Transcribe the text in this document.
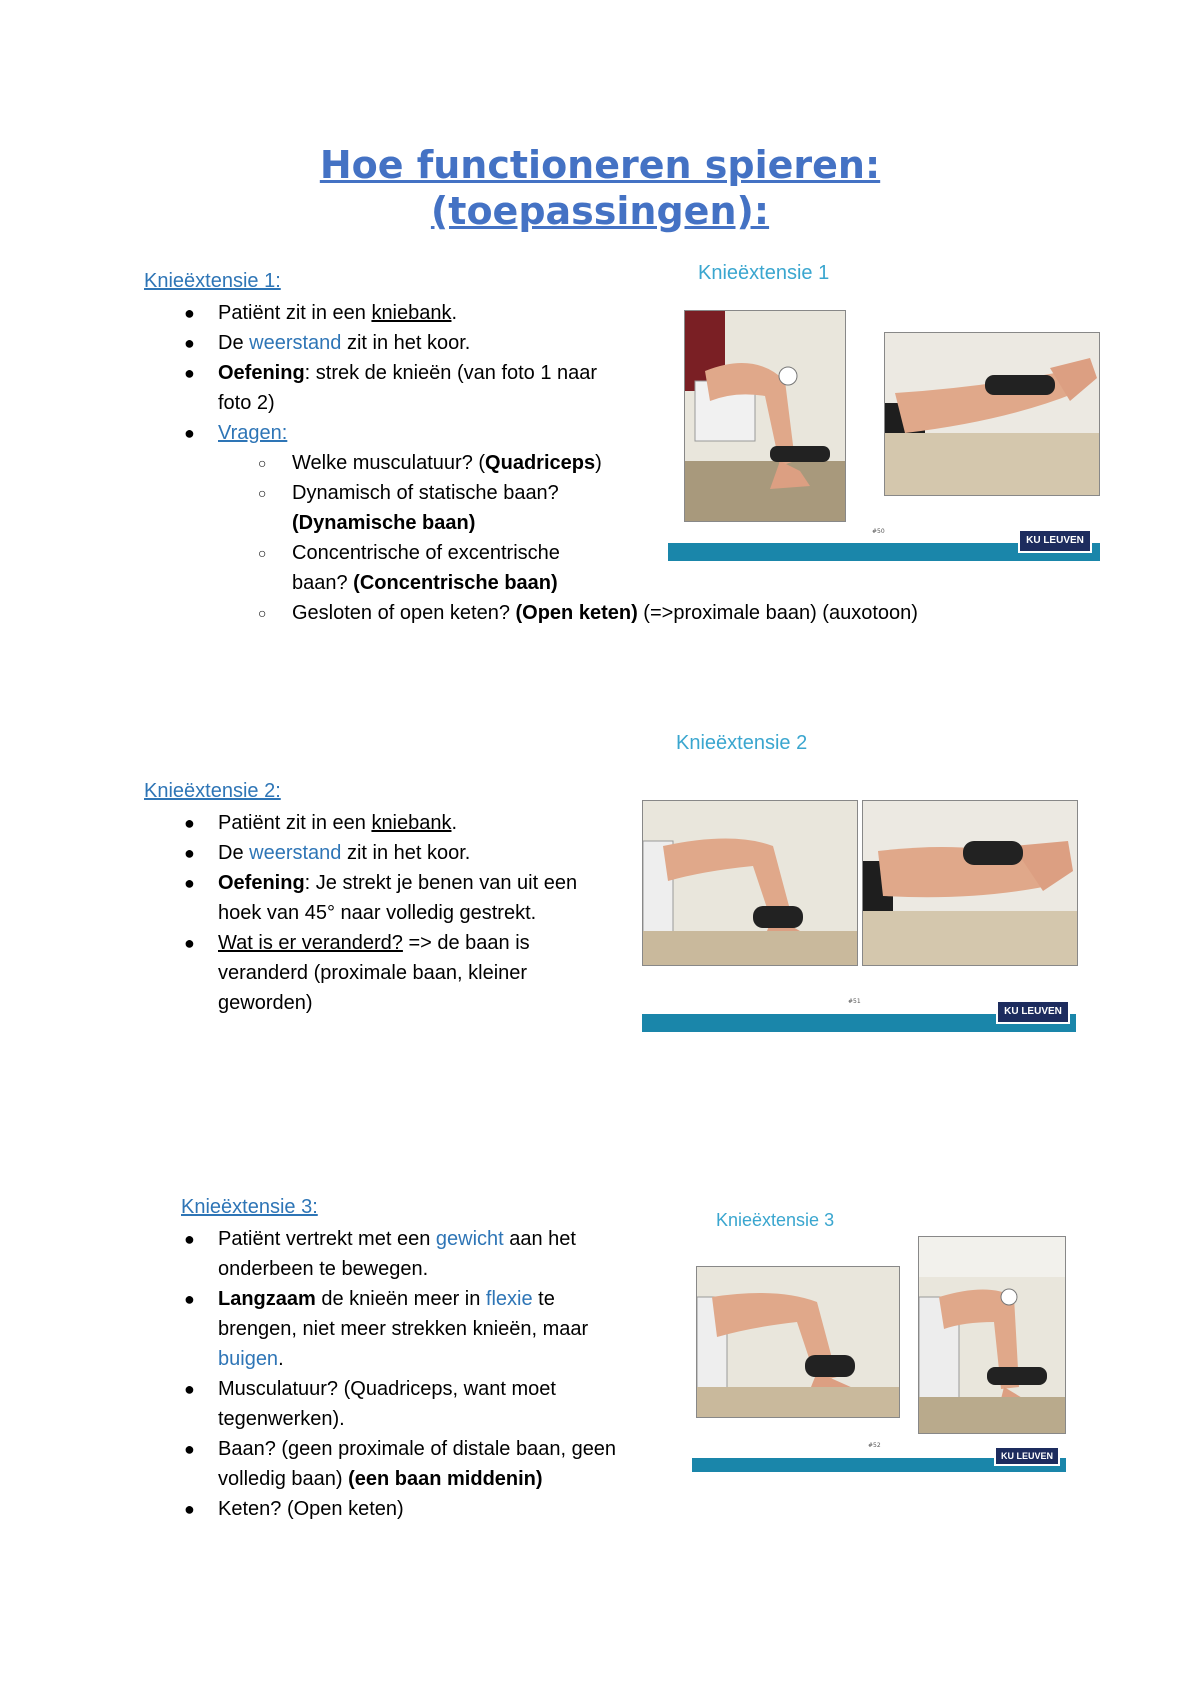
Hoe functioneren spieren:
(toepassingen):
Knieëxtensie 1:
● Patiënt zit in een kniebank.
● De weerstand zit in het koor.
● Oefening: strek de knieën (van foto 1 naar
foto 2)
● Vragen:
○ Welke musculatuur? (Quadriceps)
○ Dynamisch of statische baan?
(Dynamische baan)
○ Concentrische of excentrische
baan? (Concentrische baan)
○ Gesloten of open keten? (Open keten) (=>proximale baan) (auxotoon)
Knieëxtensie 1
#50
KU LEUVEN
Knieëxtensie 2:
● Patiënt zit in een kniebank.
● De weerstand zit in het koor.
● Oefening: Je strekt je benen van uit een
hoek van 45° naar volledig gestrekt.
● Wat is er veranderd? => de baan is
veranderd (proximale baan, kleiner
geworden)
Knieëxtensie 2
#51
KU LEUVEN
Knieëxtensie 3:
● Patiënt vertrekt met een gewicht aan het
onderbeen te bewegen.
● Langzaam de knieën meer in flexie te
brengen, niet meer strekken knieën, maar
buigen.
● Musculatuur? (Quadriceps, want moet
tegenwerken).
● Baan? (geen proximale of distale baan, geen
volledig baan) (een baan middenin)
● Keten? (Open keten)
Knieëxtensie 3
#52
KU LEUVEN
